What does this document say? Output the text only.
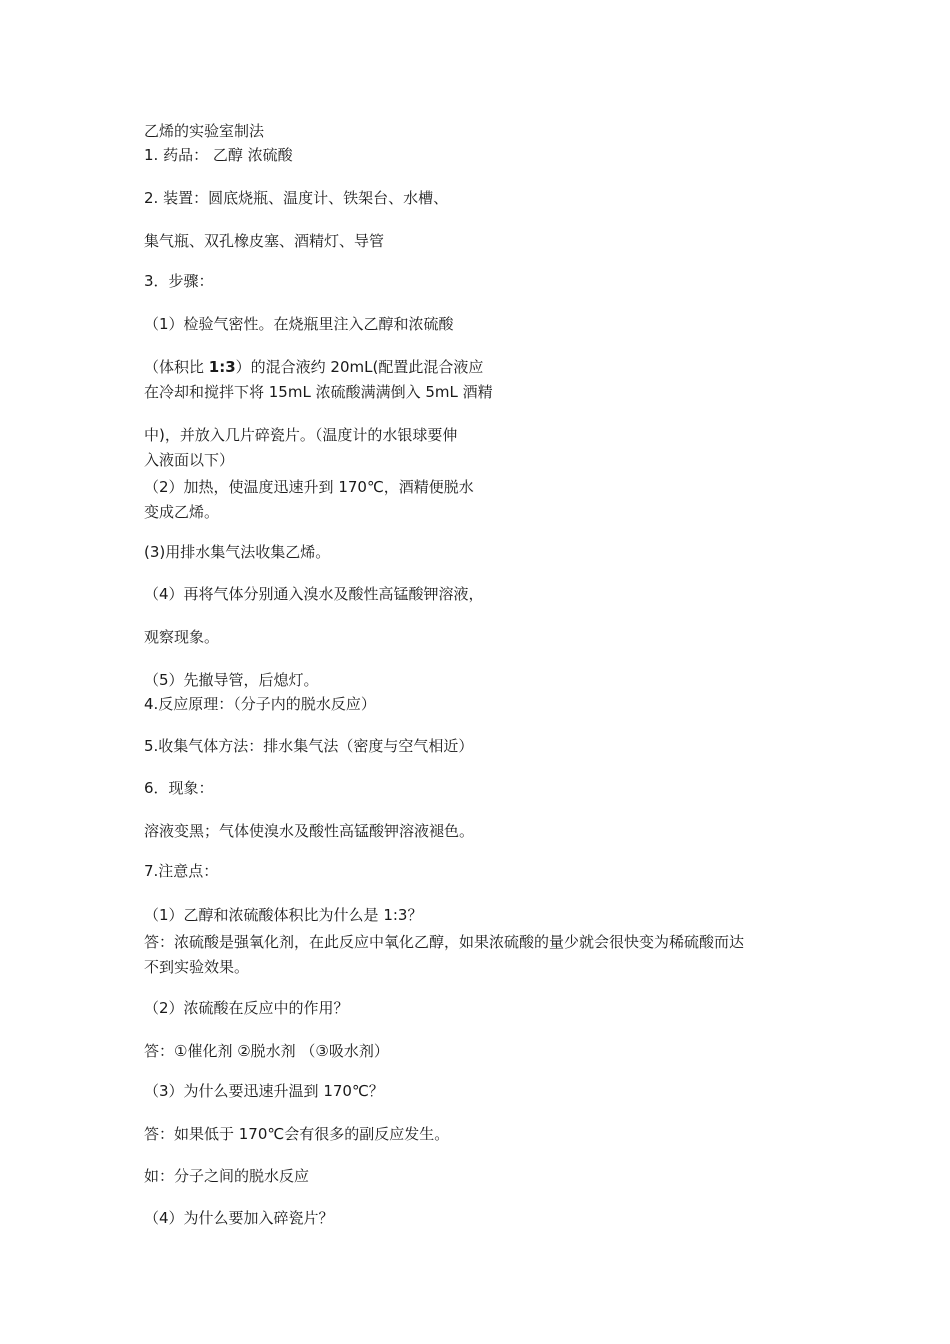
乙烯的实验室制法

1. 药品： 乙醇 浓硫酸

2. 装置：圆底烧瓶、温度计、铁架台、水槽、

集气瓶、双孔橡皮塞、酒精灯、导管

3．步骤：

（1）检验气密性。在烧瓶里注入乙醇和浓硫酸

（体积比 1:3）的混合液约 20mL(配置此混合液应

在冷却和搅拌下将 15mL 浓硫酸满满倒入 5mL 酒精

中)，并放入几片碎瓷片。（温度计的水银球要伸

入液面以下）

（2）加热，使温度迅速升到 170℃，酒精便脱水

变成乙烯。

(3)用排水集气法收集乙烯。

（4）再将气体分别通入溴水及酸性高锰酸钾溶液，

观察现象。

（5）先撤导管，后熄灯。

4.反应原理：（分子内的脱水反应）

5.收集气体方法：排水集气法（密度与空气相近）

6．现象：

溶液变黑；气体使溴水及酸性高锰酸钾溶液褪色。

7.注意点：

（1）乙醇和浓硫酸体积比为什么是 1:3？

答：浓硫酸是强氧化剂，在此反应中氧化乙醇，如果浓硫酸的量少就会很快变为稀硫酸而达

不到实验效果。

（2）浓硫酸在反应中的作用？

答：①催化剂 ②脱水剂 （③吸水剂）

（3）为什么要迅速升温到 170℃？

答：如果低于 170℃会有很多的副反应发生。

如：分子之间的脱水反应

（4）为什么要加入碎瓷片？
